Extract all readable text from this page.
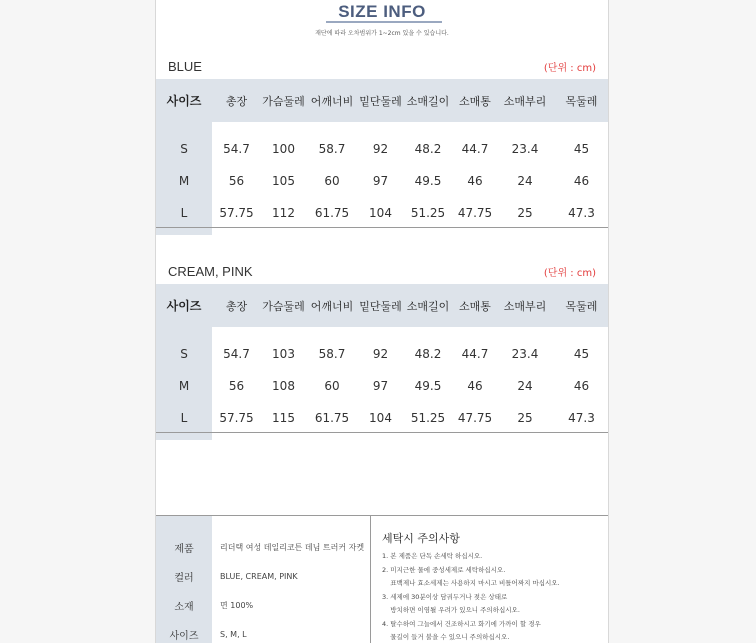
SIZE INFO
재단에 따라 오차범위가 1~2cm 있을 수 있습니다.
BLUE	(단위 : cm)
사이즈	총장	가슴둘레	어깨너비	밑단둘레	소매길이	소매통	소매부리	목둘레

S	54.7	100	58.7	92	48.2	44.7	23.4	45
M	56	105	60	97	49.5	46	24	46
L	57.75	112	61.75	104	51.25	47.75	25	47.3

CREAM, PINK	(단위 : cm)
사이즈	총장	가슴둘레	어깨너비	밑단둘레	소매길이	소매통	소매부리	목둘레

S	54.7	103	58.7	92	48.2	44.7	23.4	45
M	56	108	60	97	49.5	46	24	46
L	57.75	115	61.75	104	51.25	47.75	25	47.3

제품	리더택 여성 데일리코튼 데님 트러커 자켓
컬러	BLUE, CREAM, PINK
소재	면 100%
사이즈	S, M, L
세탁시 주의사항
1. 본 제품은 단독 손세탁 하십시오.
2. 미지근한 물에 중성세제로 세탁하십시오.
표백제나 효소세제는 사용하지 마시고 비틀어짜지 마십시오.
3. 세제에 30분이상 담궈두거나 젖은 상태로
방치하면 이염될 우려가 있으니 주의하십시오.
4. 탈수하여 그늘에서 건조하시고 화기에 가까이 할 경우
물길이 들거 불을 수 있으니 주의하십시오.
